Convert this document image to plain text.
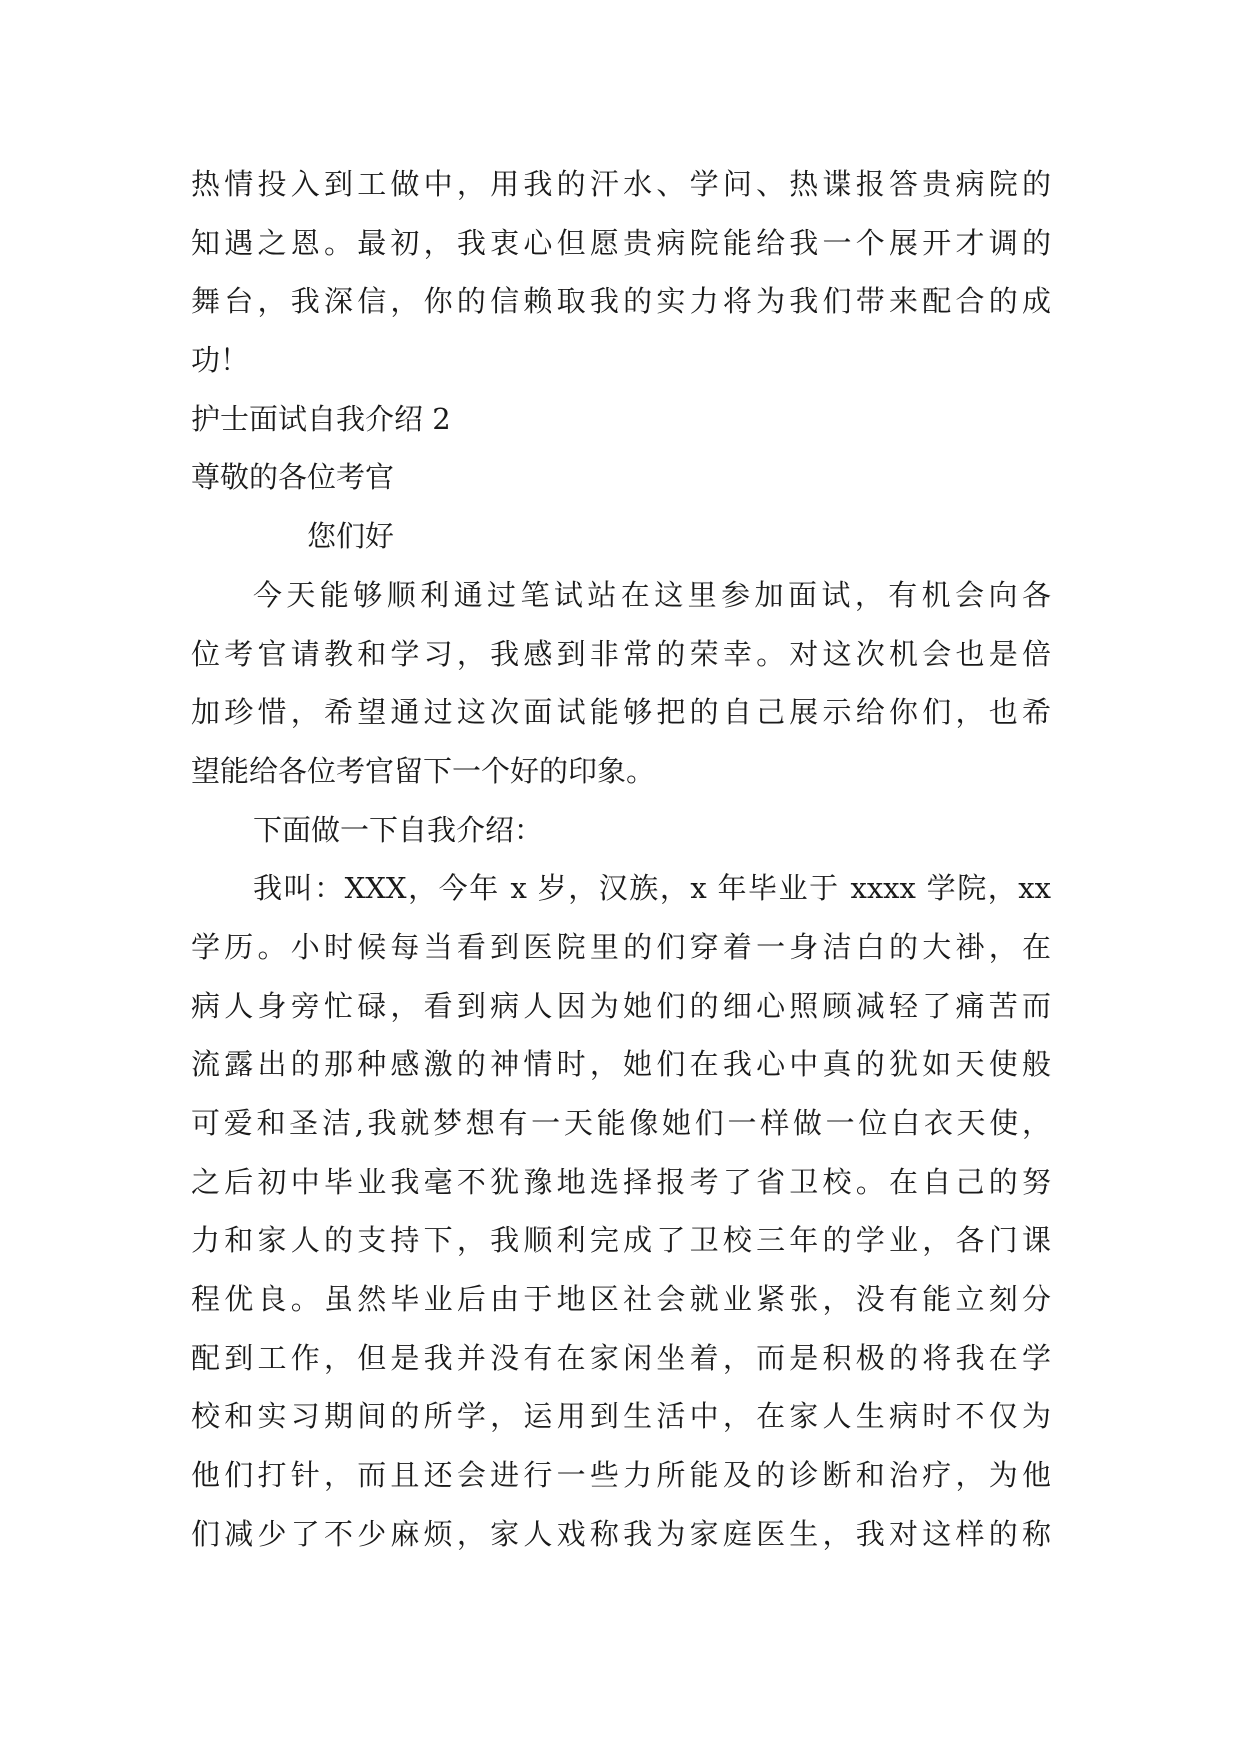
热情投入到工做中，用我的汗水、学问、热谍报答贵病院的
知遇之恩。最初，我衷心但愿贵病院能给我一个展开才调的
舞台，我深信，你的信赖取我的实力将为我们带来配合的成
功！
护士面试自我介绍 2
尊敬的各位考官
您们好
今天能够顺利通过笔试站在这里参加面试，有机会向各
位考官请教和学习，我感到非常的荣幸。对这次机会也是倍
加珍惜，希望通过这次面试能够把的自己展示给你们，也希
望能给各位考官留下一个好的印象。
下面做一下自我介绍：
我叫：XXX，今年 x 岁，汉族，x 年毕业于 xxxx 学院，xx
学历。小时候每当看到医院里的们穿着一身洁白的大褂，在
病人身旁忙碌，看到病人因为她们的细心照顾减轻了痛苦而
流露出的那种感激的神情时，她们在我心中真的犹如天使般
可爱和圣洁,我就梦想有一天能像她们一样做一位白衣天使，
之后初中毕业我毫不犹豫地选择报考了省卫校。在自己的努
力和家人的支持下，我顺利完成了卫校三年的学业，各门课
程优良。虽然毕业后由于地区社会就业紧张，没有能立刻分
配到工作，但是我并没有在家闲坐着，而是积极的将我在学
校和实习期间的所学，运用到生活中，在家人生病时不仅为
他们打针，而且还会进行一些力所能及的诊断和治疗，为他
们减少了不少麻烦，家人戏称我为家庭医生，我对这样的称
